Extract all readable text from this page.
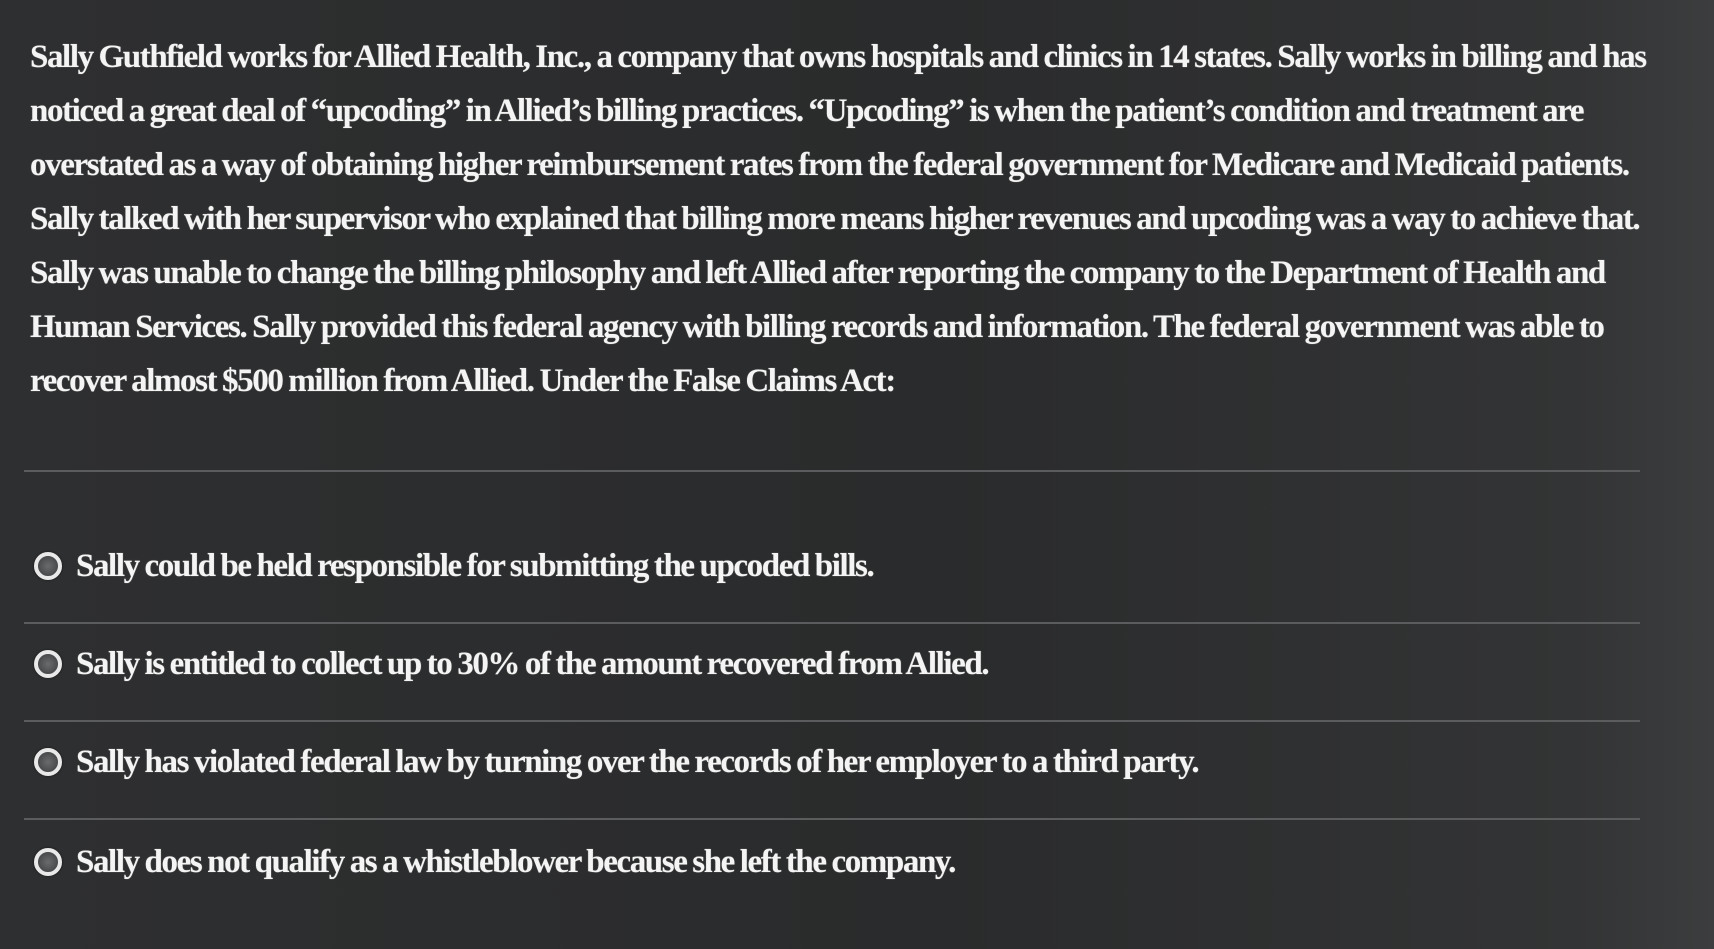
Sally Guthfield works for Allied Health, Inc., a company that owns hospitals and clinics in 14 states. Sally works in billing and has noticed a great deal of “upcoding” in Allied’s billing practices. “Upcoding” is when the patient’s condition and treatment are overstated as a way of obtaining higher reimbursement rates from the federal government for Medicare and Medicaid patients. Sally talked with her supervisor who explained that billing more means higher revenues and upcoding was a way to achieve that. Sally was unable to change the billing philosophy and left Allied after reporting the company to the Department of Health and Human Services. Sally provided this federal agency with billing records and information. The federal government was able to recover almost $500 million from Allied. Under the False Claims Act:

Sally could be held responsible for submitting the upcoded bills.
Sally is entitled to collect up to 30% of the amount recovered from Allied.
Sally has violated federal law by turning over the records of her employer to a third party.
Sally does not qualify as a whistleblower because she left the company.
